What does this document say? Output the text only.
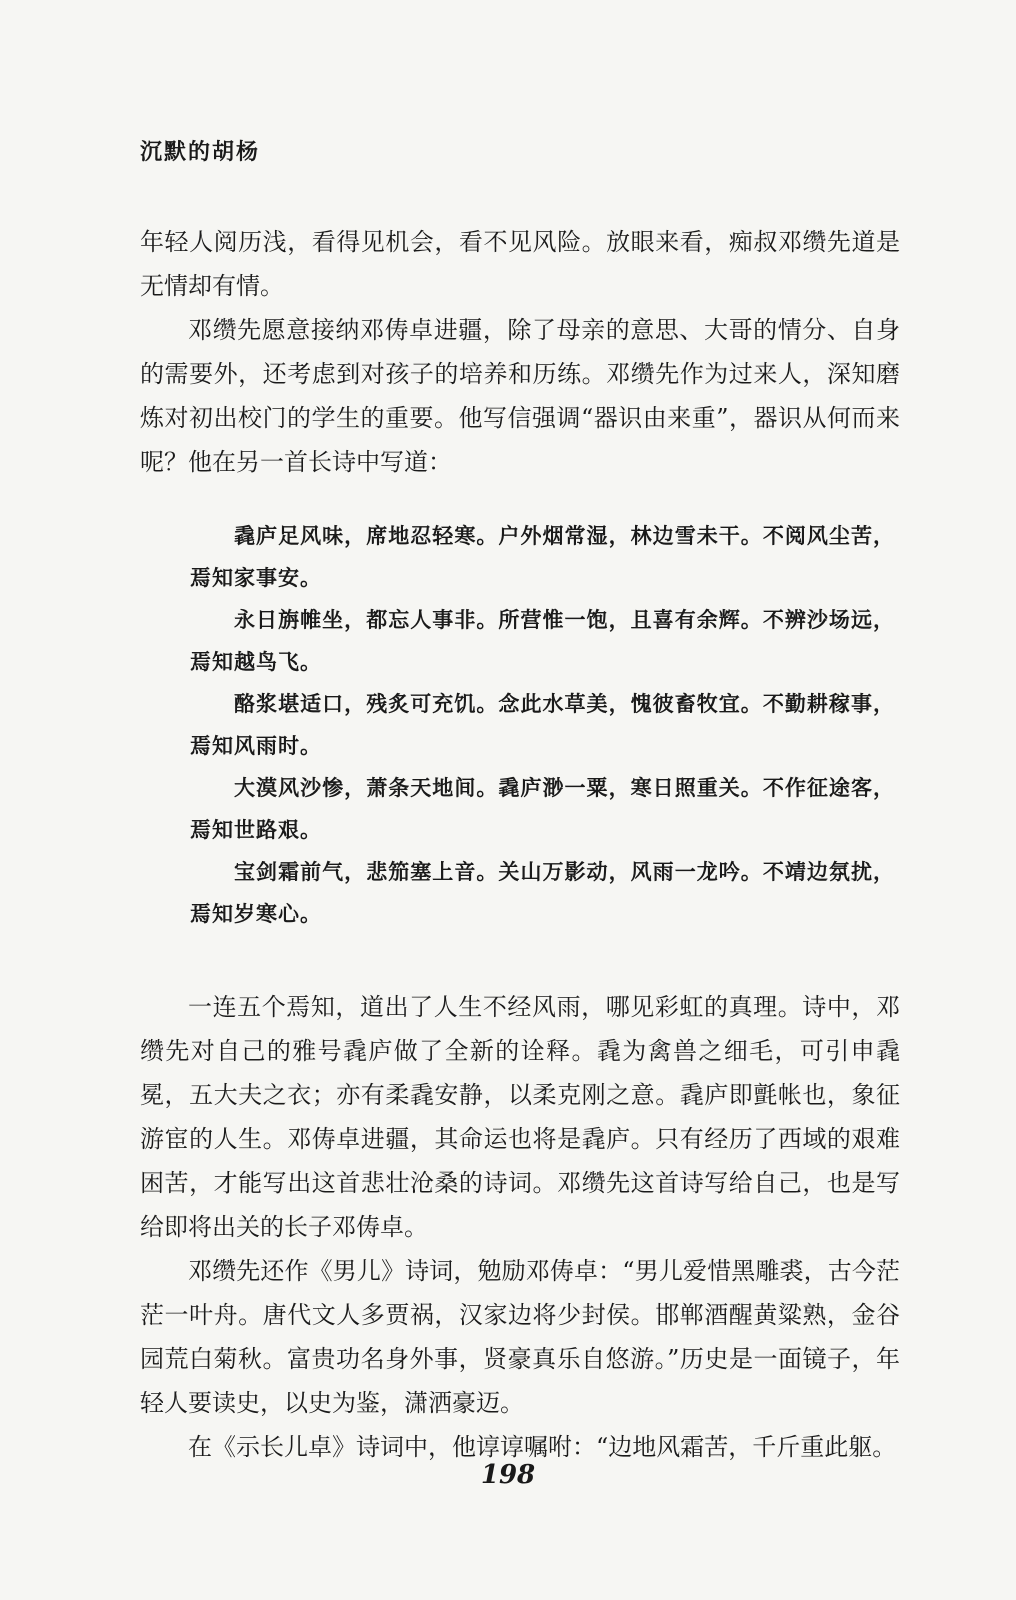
沉默的胡杨

年轻人阅历浅，看得见机会，看不见风险。放眼来看，痴叔邓缵先道是无情却有情。

邓缵先愿意接纳邓俦卓进疆，除了母亲的意思、大哥的情分、自身的需要外，还考虑到对孩子的培养和历练。邓缵先作为过来人，深知磨炼对初出校门的学生的重要。他写信强调“器识由来重”，器识从何而来呢？他在另一首长诗中写道：

毳庐足风味，席地忍轻寒。户外烟常湿，林边雪未干。不阅风尘苦，焉知家事安。

永日旃帷坐，都忘人事非。所营惟一饱，且喜有余辉。不辨沙场远，焉知越鸟飞。

酪浆堪适口，残炙可充饥。念此水草美，愧彼畜牧宜。不勤耕稼事，焉知风雨时。

大漠风沙惨，萧条天地间。毳庐渺一粟，寒日照重关。不作征途客，焉知世路艰。

宝剑霜前气，悲笳塞上音。关山万影动，风雨一龙吟。不靖边氛扰，焉知岁寒心。

一连五个焉知，道出了人生不经风雨，哪见彩虹的真理。诗中，邓缵先对自己的雅号毳庐做了全新的诠释。毳为禽兽之细毛，可引申毳冕，五大夫之衣；亦有柔毳安静，以柔克刚之意。毳庐即氈帐也，象征游宦的人生。邓俦卓进疆，其命运也将是毳庐。只有经历了西域的艰难困苦，才能写出这首悲壮沧桑的诗词。邓缵先这首诗写给自己，也是写给即将出关的长子邓俦卓。

邓缵先还作《男儿》诗词，勉励邓俦卓：“男儿爱惜黑雕裘，古今茫茫一叶舟。唐代文人多贾祸，汉家边将少封侯。邯郸酒醒黄粱熟，金谷园荒白菊秋。富贵功名身外事，贤豪真乐自悠游。”历史是一面镜子，年轻人要读史，以史为鉴，潇洒豪迈。

在《示长儿卓》诗词中，他谆谆嘱咐：“边地风霜苦，千斤重此躯。

198
